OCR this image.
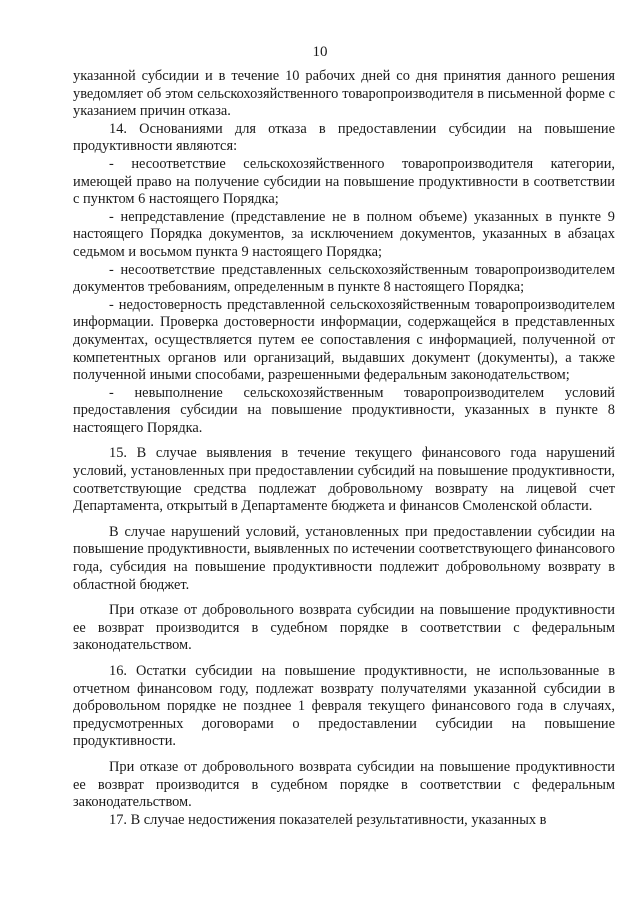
10

указанной субсидии и в течение 10 рабочих дней со дня принятия данного решения уведомляет об этом сельскохозяйственного товаропроизводителя в письменной форме с указанием причин отказа.

14. Основаниями для отказа в предоставлении субсидии на повышение продуктивности являются:

- несоответствие сельскохозяйственного товаропроизводителя категории, имеющей право на получение субсидии на повышение продуктивности в соответствии с пунктом 6 настоящего Порядка;

- непредставление (представление не в полном объеме) указанных в пункте 9 настоящего Порядка документов, за исключением документов, указанных в абзацах седьмом и восьмом пункта 9 настоящего Порядка;

- несоответствие представленных сельскохозяйственным товаропроизводителем документов требованиям, определенным в пункте 8 настоящего Порядка;

- недостоверность представленной сельскохозяйственным товаропроизводителем информации. Проверка достоверности информации, содержащейся в представленных документах, осуществляется путем ее сопоставления с информацией, полученной от компетентных органов или организаций, выдавших документ (документы), а также полученной иными способами, разрешенными федеральным законодательством;

- невыполнение сельскохозяйственным товаропроизводителем условий предоставления субсидии на повышение продуктивности, указанных в пункте 8 настоящего Порядка.

15. В случае выявления в течение текущего финансового года нарушений условий, установленных при предоставлении субсидий на повышение продуктивности, соответствующие средства подлежат добровольному возврату на лицевой счет Департамента, открытый в Департаменте бюджета и финансов Смоленской области.

В случае нарушений условий, установленных при предоставлении субсидии на повышение продуктивности, выявленных по истечении соответствующего финансового года, субсидия на повышение продуктивности подлежит добровольному возврату в областной бюджет.

При отказе от добровольного возврата субсидии на повышение продуктивности ее возврат производится в судебном порядке в соответствии с федеральным законодательством.

16. Остатки субсидии на повышение продуктивности, не использованные в отчетном финансовом году, подлежат возврату получателями указанной субсидии в добровольном порядке не позднее 1 февраля текущего финансового года в случаях, предусмотренных договорами о предоставлении субсидии на повышение продуктивности.

При отказе от добровольного возврата субсидии на повышение продуктивности ее возврат производится в судебном порядке в соответствии с федеральным законодательством.

17. В случае недостижения показателей результативности, указанных в
